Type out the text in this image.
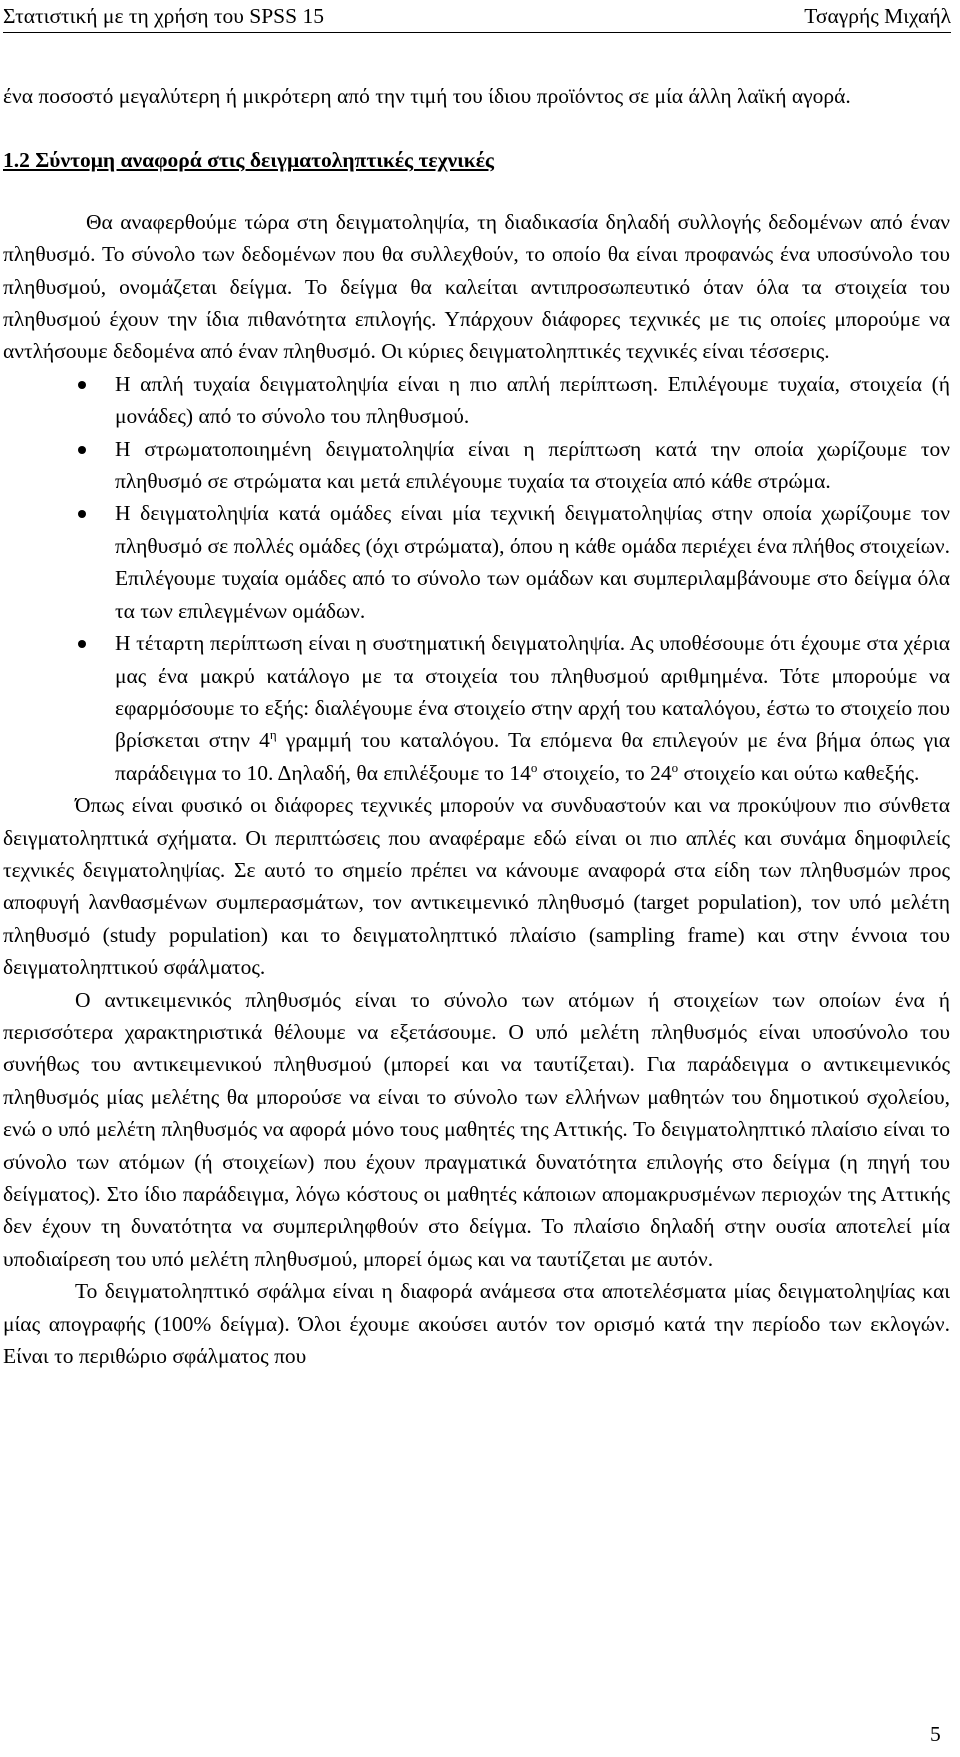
Στατιστική με τη χρήση του SPSS 15	Τσαγρής Μιχαήλ

ένα ποσοστό μεγαλύτερη ή μικρότερη από την τιμή του ίδιου προϊόντος σε μία άλλη λαϊκή αγορά.

1.2 Σύντομη αναφορά στις δειγματοληπτικές τεχνικές

Θα αναφερθούμε τώρα στη δειγματοληψία, τη διαδικασία δηλαδή συλλογής δεδομένων από έναν πληθυσμό. Το σύνολο των δεδομένων που θα συλλεχθούν, το οποίο θα είναι προφανώς ένα υποσύνολο του πληθυσμού, ονομάζεται δείγμα. Το δείγμα θα καλείται αντιπροσωπευτικό όταν όλα τα στοιχεία του πληθυσμού έχουν την ίδια πιθανότητα επιλογής. Υπάρχουν διάφορες τεχνικές με τις οποίες μπορούμε να αντλήσουμε δεδομένα από έναν πληθυσμό. Οι κύριες δειγματοληπτικές τεχνικές είναι τέσσερις.

Η απλή τυχαία δειγματοληψία είναι η πιο απλή περίπτωση. Επιλέγουμε τυχαία, στοιχεία (ή μονάδες) από το σύνολο του πληθυσμού.
Η στρωματοποιημένη δειγματοληψία είναι η περίπτωση κατά την οποία χωρίζουμε τον πληθυσμό σε στρώματα και μετά επιλέγουμε τυχαία τα στοιχεία από κάθε στρώμα.
Η δειγματοληψία κατά ομάδες είναι μία τεχνική δειγματοληψίας στην οποία χωρίζουμε τον πληθυσμό σε πολλές ομάδες (όχι στρώματα), όπου η κάθε ομάδα περιέχει ένα πλήθος στοιχείων. Επιλέγουμε τυχαία ομάδες από το σύνολο των ομάδων και συμπεριλαμβάνουμε στο δείγμα όλα τα των επιλεγμένων ομάδων.
Η τέταρτη περίπτωση είναι η συστηματική δειγματοληψία. Ας υποθέσουμε ότι έχουμε στα χέρια μας ένα μακρύ κατάλογο με τα στοιχεία του πληθυσμού αριθμημένα. Τότε μπορούμε να εφαρμόσουμε το εξής: διαλέγουμε ένα στοιχείο στην αρχή του καταλόγου, έστω το στοιχείο που βρίσκεται στην $4^\eta$ γραμμή του καταλόγου. Τα επόμενα θα επιλεγούν με ένα βήμα όπως για παράδειγμα το 10. Δηλαδή, θα επιλέξουμε το $14^o$ στοιχείο, το $24^o$ στοιχείο και ούτω καθεξής.

Όπως είναι φυσικό οι διάφορες τεχνικές μπορούν να συνδυαστούν και να προκύψουν πιο σύνθετα δειγματοληπτικά σχήματα. Οι περιπτώσεις που αναφέραμε εδώ είναι οι πιο απλές και συνάμα δημοφιλείς τεχνικές δειγματοληψίας. Σε αυτό το σημείο πρέπει να κάνουμε αναφορά στα είδη των πληθυσμών προς αποφυγή λανθασμένων συμπερασμάτων, τον αντικειμενικό πληθυσμό (target population), τον υπό μελέτη πληθυσμό (study population) και το δειγματοληπτικό πλαίσιο (sampling frame) και στην έννοια του δειγματοληπτικού σφάλματος.

Ο αντικειμενικός πληθυσμός είναι το σύνολο των ατόμων ή στοιχείων των οποίων ένα ή περισσότερα χαρακτηριστικά θέλουμε να εξετάσουμε. Ο υπό μελέτη πληθυσμός είναι υποσύνολο του συνήθως του αντικειμενικού πληθυσμού (μπορεί και να ταυτίζεται). Για παράδειγμα ο αντικειμενικός πληθυσμός μίας μελέτης θα μπορούσε να είναι το σύνολο των ελλήνων μαθητών του δημοτικού σχολείου, ενώ ο υπό μελέτη πληθυσμός να αφορά μόνο τους μαθητές της Αττικής. Το δειγματοληπτικό πλαίσιο είναι το σύνολο των ατόμων (ή στοιχείων) που έχουν πραγματικά δυνατότητα επιλογής στο δείγμα (η πηγή του δείγματος). Στο ίδιο παράδειγμα, λόγω κόστους οι μαθητές κάποιων απομακρυσμένων περιοχών της Αττικής δεν έχουν τη δυνατότητα να συμπεριληφθούν στο δείγμα. Το πλαίσιο δηλαδή στην ουσία αποτελεί μία υποδιαίρεση του υπό μελέτη πληθυσμού, μπορεί όμως και να ταυτίζεται με αυτόν.

Το δειγματοληπτικό σφάλμα είναι η διαφορά ανάμεσα στα αποτελέσματα μίας δειγματοληψίας και μίας απογραφής (100% δείγμα). Όλοι έχουμε ακούσει αυτόν τον ορισμό κατά την περίοδο των εκλογών. Είναι το περιθώριο σφάλματος που

5
